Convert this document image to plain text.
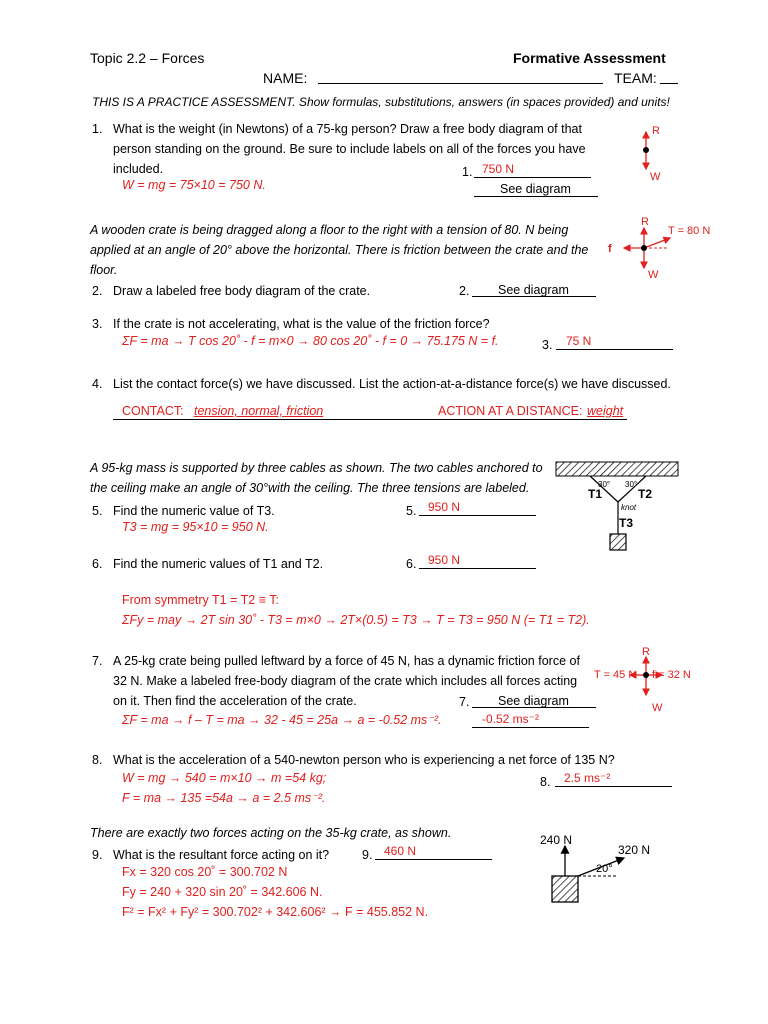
Topic 2.2 – Forces	Formative Assessment
NAME:	TEAM:
THIS IS A PRACTICE ASSESSMENT. Show formulas, substitutions, answers (in spaces provided) and units!
1. What is the weight (in Newtons) of a 75-kg person? Draw a free body diagram of that
person standing on the ground. Be sure to include labels on all of the forces you have
included.
W = mg = 75×10 = 750 N.
1. 750 N
See diagram
R
W
A wooden crate is being dragged along a floor to the right with a tension of 80. N being
applied at an angle of 20° above the horizontal. There is friction between the crate and the
floor.
R
T = 80 N
f
W
2. Draw a labeled free body diagram of the crate.	2. See diagram
3. If the crate is not accelerating, what is the value of the friction force?
ΣF = ma → T cos 20˚ - f = m×0 → 80 cos 20˚ - f = 0 → 75.175 N = f.	3. 75 N
4. List the contact force(s) we have discussed. List the action-at-a-distance force(s) we have discussed.
CONTACT: tension, normal, friction	ACTION AT A DISTANCE: weight
A 95-kg mass is supported by three cables as shown. The two cables anchored to
the ceiling make an angle of 30°with the ceiling. The three tensions are labeled.	30° 30°
T1	T2
knot
T3
5. Find the numeric value of T3.
T3 = mg = 95×10 = 950 N.
5. 950 N
6. Find the numeric values of T1 and T2.	6. 950 N
From symmetry T1 = T2 ≡ T:
ΣFy = may → 2T sin 30˚ - T3 = m×0 → 2T×(0.5) = T3 → T = T3 = 950 N (= T1 = T2).
7. A 25-kg crate being pulled leftward by a force of 45 N, has a dynamic friction force of
32 N. Make a labeled free-body diagram of the crate which includes all forces acting
on it. Then find the acceleration of the crate.
ΣF = ma → f – T = ma → 32 - 45 = 25a → a = -0.52 ms⁻².
7. See diagram
-0.52 ms⁻²
R
T = 45 N f = 32 N
W
8. What is the acceleration of a 540-newton person who is experiencing a net force of 135 N?
W = mg → 540 = m×10 → m =54 kg;
F = ma → 135 =54a → a = 2.5 ms⁻².
8. 2.5 ms⁻²
There are exactly two forces acting on the 35-kg crate, as shown.
9. What is the resultant force acting on it?	9. 460 N
Fx = 320 cos 20˚ = 300.702 N
Fy = 240 + 320 sin 20˚ = 342.606 N.
F² = Fx² + Fy² = 300.702² + 342.606² → F = 455.852 N.
240 N
320 N
20°
